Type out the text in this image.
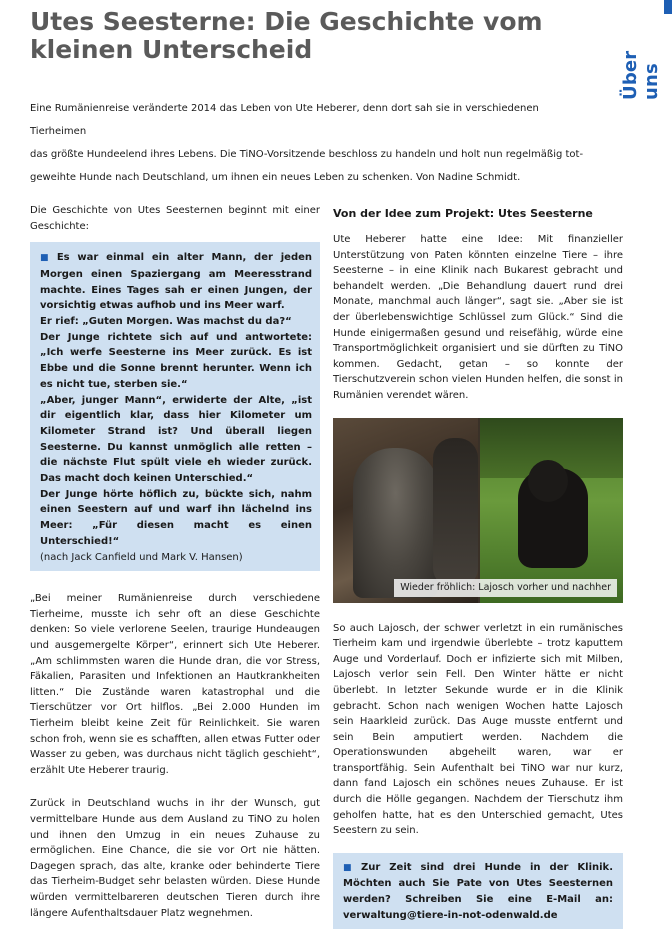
Utes Seesterne: Die Geschichte vom
kleinen Unterscheid
Über uns
Eine Rumänienreise veränderte 2014 das Leben von Ute Heberer, denn dort sah sie in verschiedenen Tierheimen
das größte Hundeelend ihres Lebens. Die TiNO-Vorsitzende beschloss zu handeln und holt nun regelmäßig tot-
geweihte Hunde nach Deutschland, um ihnen ein neues Leben zu schenken. Von Nadine Schmidt.

Die Geschichte von Utes Seesternen beginnt mit einer Geschichte:

■ Es war einmal ein alter Mann, der jeden Morgen einen Spaziergang am Meeresstrand machte. Eines Tages sah er einen Jungen, der vorsichtig etwas aufhob und ins Meer warf.
Er rief: „Guten Morgen. Was machst du da?“
Der Junge richtete sich auf und antwortete: „Ich werfe Seesterne ins Meer zurück. Es ist Ebbe und die Sonne brennt herunter. Wenn ich es nicht tue, sterben sie.“
„Aber, junger Mann“, erwiderte der Alte, „ist dir eigentlich klar, dass hier Kilometer um Kilometer Strand ist? Und überall liegen Seesterne. Du kannst unmöglich alle retten – die nächste Flut spült viele eh wieder zurück. Das macht doch keinen Unterschied.“
Der Junge hörte höflich zu, bückte sich, nahm einen Seestern auf und warf ihn lächelnd ins Meer: „Für diesen macht es einen Unterschied!“
(nach Jack Canfield und Mark V. Hansen)

„Bei meiner Rumänienreise durch verschiedene Tierheime, musste ich sehr oft an diese Geschichte denken: So viele verlorene Seelen, traurige Hundeaugen und ausgemergelte Körper“, erinnert sich Ute Heberer. „Am schlimmsten waren die Hunde dran, die vor Stress, Fäkalien, Parasiten und Infektionen an Hautkrankheiten litten.“ Die Zustände waren katastrophal und die Tierschützer vor Ort hilflos. „Bei 2.000 Hunden im Tierheim bleibt keine Zeit für Reinlichkeit. Sie waren schon froh, wenn sie es schafften, allen etwas Futter oder Wasser zu geben, was durchaus nicht täglich geschieht“, erzählt Ute Heberer traurig.

Zurück in Deutschland wuchs in ihr der Wunsch, gut vermittelbare Hunde aus dem Ausland zu TiNO zu holen und ihnen den Umzug in ein neues Zuhause zu ermöglichen. Eine Chance, die sie vor Ort nie hätten. Dagegen sprach, das alte, kranke oder behinderte Tiere das Tierheim-Budget sehr belasten würden. Diese Hunde würden vermittelbareren deutschen Tieren durch ihre längere Aufenthaltsdauer Platz wegnehmen.

Von der Idee zum Projekt: Utes Seesterne

Ute Heberer hatte eine Idee: Mit finanzieller Unterstützung von Paten könnten einzelne Tiere – ihre Seesterne – in eine Klinik nach Bukarest gebracht und behandelt werden. „Die Behandlung dauert rund drei Monate, manchmal auch länger“, sagt sie. „Aber sie ist der überlebenswichtige Schlüssel zum Glück.“ Sind die Hunde einigermaßen gesund und reisefähig, würde eine Transportmöglichkeit organisiert und sie dürften zu TiNO kommen. Gedacht, getan – so konnte der Tierschutzverein schon vielen Hunden helfen, die sonst in Rumänien verendet wären.

Wieder fröhlich: Lajosch vorher und nachher

So auch Lajosch, der schwer verletzt in ein rumänisches Tierheim kam und irgendwie überlebte – trotz kaputtem Auge und Vorderlauf. Doch er infizierte sich mit Milben, Lajosch verlor sein Fell. Den Winter hätte er nicht überlebt. In letzter Sekunde wurde er in die Klinik gebracht. Schon nach wenigen Wochen hatte Lajosch sein Haarkleid zurück. Das Auge musste entfernt und sein Bein amputiert werden. Nachdem die Operationswunden abgeheilt waren, war er transportfähig. Sein Aufenthalt bei TiNO war nur kurz, dann fand Lajosch ein schönes neues Zuhause. Er ist durch die Hölle gegangen. Nachdem der Tierschutz ihm geholfen hatte, hat es den Unterschied gemacht, Utes Seestern zu sein.

■ Zur Zeit sind drei Hunde in der Klinik. Möchten auch Sie Pate von Utes Seesternen werden? Schreiben Sie eine E-Mail an: verwaltung@tiere-in-not-odenwald.de
